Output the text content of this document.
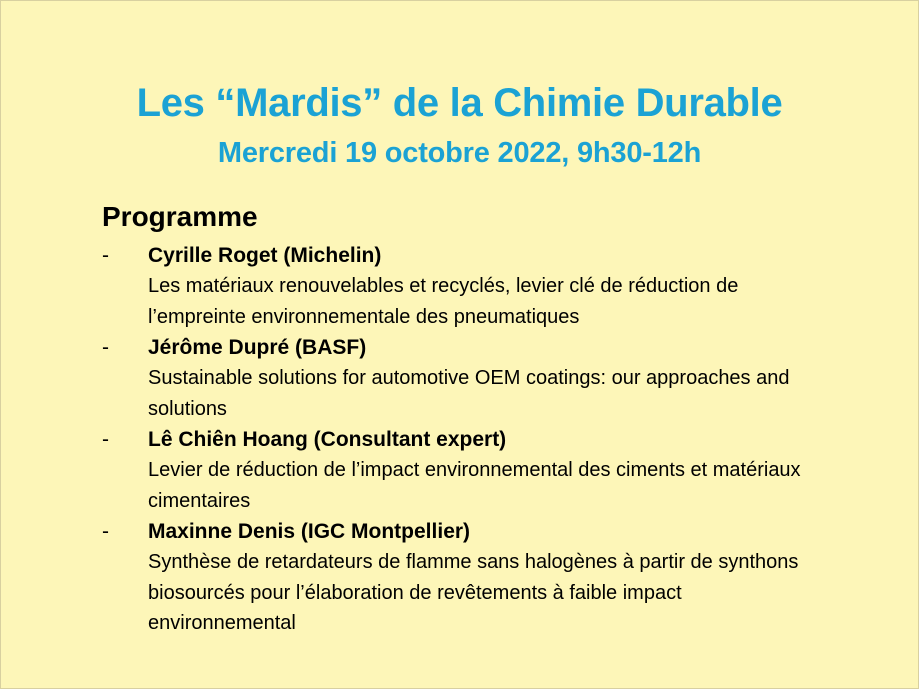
Les “Mardis” de la Chimie Durable
Mercredi 19 octobre 2022, 9h30-12h
Programme
- Cyrille Roget (Michelin)
Les matériaux renouvelables et recyclés, levier clé de réduction de l’empreinte environnementale des pneumatiques
- Jérôme Dupré (BASF)
Sustainable solutions for automotive OEM coatings: our approaches and solutions
- Lê Chiên Hoang (Consultant expert)
Levier de réduction de l’impact environnemental des ciments et matériaux cimentaires
- Maxinne Denis (IGC Montpellier)
Synthèse de retardateurs de flamme sans halogènes à partir de synthons biosourcés pour l’élaboration de revêtements à faible impact environnemental
